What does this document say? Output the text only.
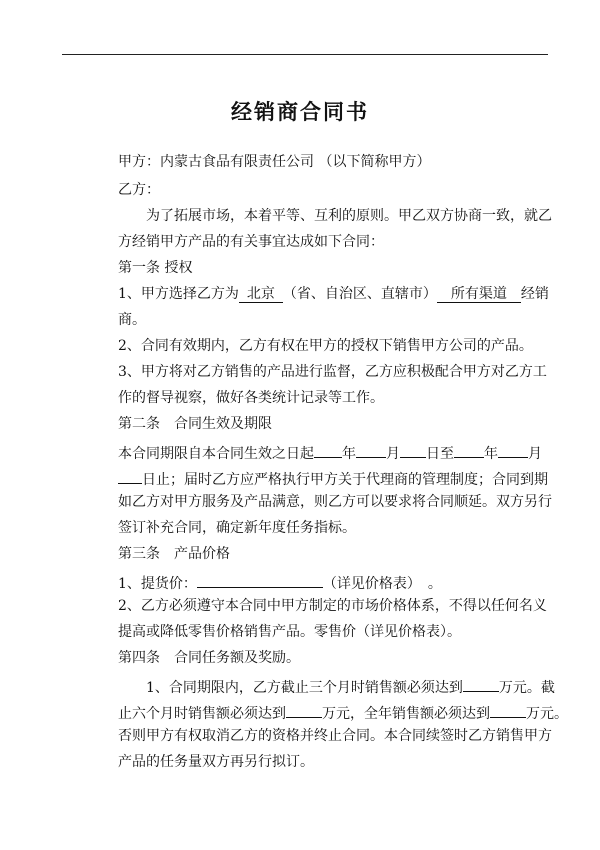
经销商合同书
甲方：内蒙古食品有限责任公司 （以下简称甲方）
乙方：
为了拓展市场，本着平等、互利的原则。甲乙双方协商一致，就乙
方经销甲方产品的有关事宜达成如下合同：
第一条 授权
1、甲方选择乙方为 北京 （省、自治区、直辖市） 所有渠道 经销
商。
2、合同有效期内，乙方有权在甲方的授权下销售甲方公司的产品。
3、甲方将对乙方销售的产品进行监督，乙方应积极配合甲方对乙方工
作的督导视察，做好各类统计记录等工作。
第二条　合同生效及期限
本合同期限自本合同生效之日起 年 月 日至 年 月
日止；届时乙方应严格执行甲方关于代理商的管理制度；合同到期
如乙方对甲方服务及产品满意，则乙方可以要求将合同顺延。双方另行
签订补充合同，确定新年度任务指标。
第三条　产品价格
1、提货价：	（详见价格表）　。
2、乙方必须遵守本合同中甲方制定的市场价格体系，不得以任何名义
提高或降低零售价格销售产品。零售价（详见价格表）。
第四条　合同任务额及奖励。
1、合同期限内，乙方截止三个月时销售额必须达到	万元。截
止六个月时销售额必须达到	万元，全年销售额必须达到	万元。
否则甲方有权取消乙方的资格并终止合同。本合同续签时乙方销售甲方
产品的任务量双方再另行拟订。
